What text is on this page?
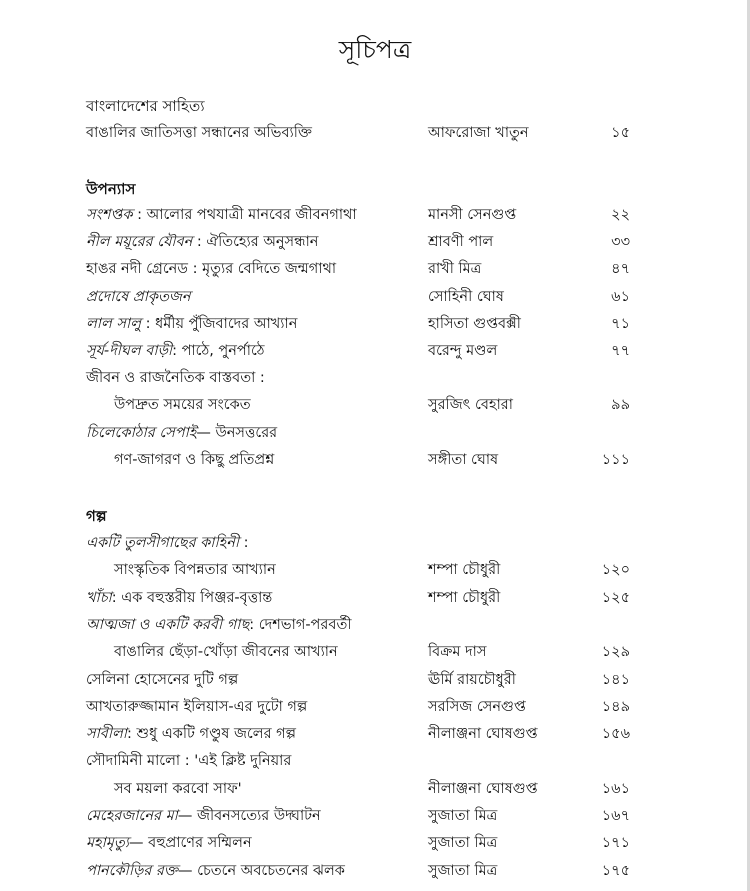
সূচিপত্র
বাংলাদেশের সাহিত্য
বাঙালির জাতিসত্তা সন্ধানের অভিব্যক্তি	আফরোজা খাতুন	১৫
উপন্যাস
সংশপ্তক : আলোর পথযাত্রী মানবের জীবনগাথা	মানসী সেনগুপ্ত	২২
নীল ময়ূরের যৌবন : ঐতিহ্যের অনুসন্ধান	শ্রাবণী পাল	৩৩
হাঙর নদী গ্রেনেড : মৃত্যুর বেদিতে জন্মগাথা	রাখী মিত্র	৪৭
প্রদোষে প্রাকৃতজন	সোহিনী ঘোষ	৬১
লাল সালু : ধর্মীয় পুঁজিবাদের আখ্যান	হাসিতা গুপ্তবক্সী	৭১
সূর্য-দীঘল বাড়ী: পাঠে, পুনর্পাঠে	বরেন্দু মণ্ডল	৭৭
জীবন ও রাজনৈতিক বাস্তবতা :
উপদ্রুত সময়ের সংকেত	সুরজিৎ বেহারা	৯৯
চিলেকোঠার সেপাই— উনসত্তরের
গণ-জাগরণ ও কিছু প্রতিপ্রশ্ন	সঙ্গীতা ঘোষ	১১১
গল্প
একটি তুলসীগাছের কাহিনী :
সাংস্কৃতিক বিপন্নতার আখ্যান	শম্পা চৌধুরী	১২০
খাঁচা: এক বহুস্তরীয় পিঞ্জর-বৃত্তান্ত	শম্পা চৌধুরী	১২৫
আত্মজা ও একটি করবী গাছ: দেশভাগ-পরবর্তী
বাঙালির ছেঁড়া-খোঁড়া জীবনের আখ্যান	বিক্রম দাস	১২৯
সেলিনা হোসেনের দুটি গল্প	ঊর্মি রায়চৌধুরী	১৪১
আখতারুজ্জামান ইলিয়াস-এর দুটো গল্প	সরসিজ সেনগুপ্ত	১৪৯
সাবীলা: শুধু একটি গণ্ডুষ জলের গল্প	নীলাঞ্জনা ঘোষগুপ্ত	১৫৬
সৌদামিনী মালো : 'এই ক্লিষ্ট দুনিয়ার
সব ময়লা করবো সাফ'	নীলাঞ্জনা ঘোষগুপ্ত	১৬১
মেহেরজানের মা— জীবনসত্যের উদ্ঘাটন	সুজাতা মিত্র	১৬৭
মহামৃত্যু— বহুপ্রাণের সম্মিলন	সুজাতা মিত্র	১৭১
পানকৌড়ির রক্ত— চেতনে অবচেতনের ঝলক	সুজাতা মিত্র	১৭৫
